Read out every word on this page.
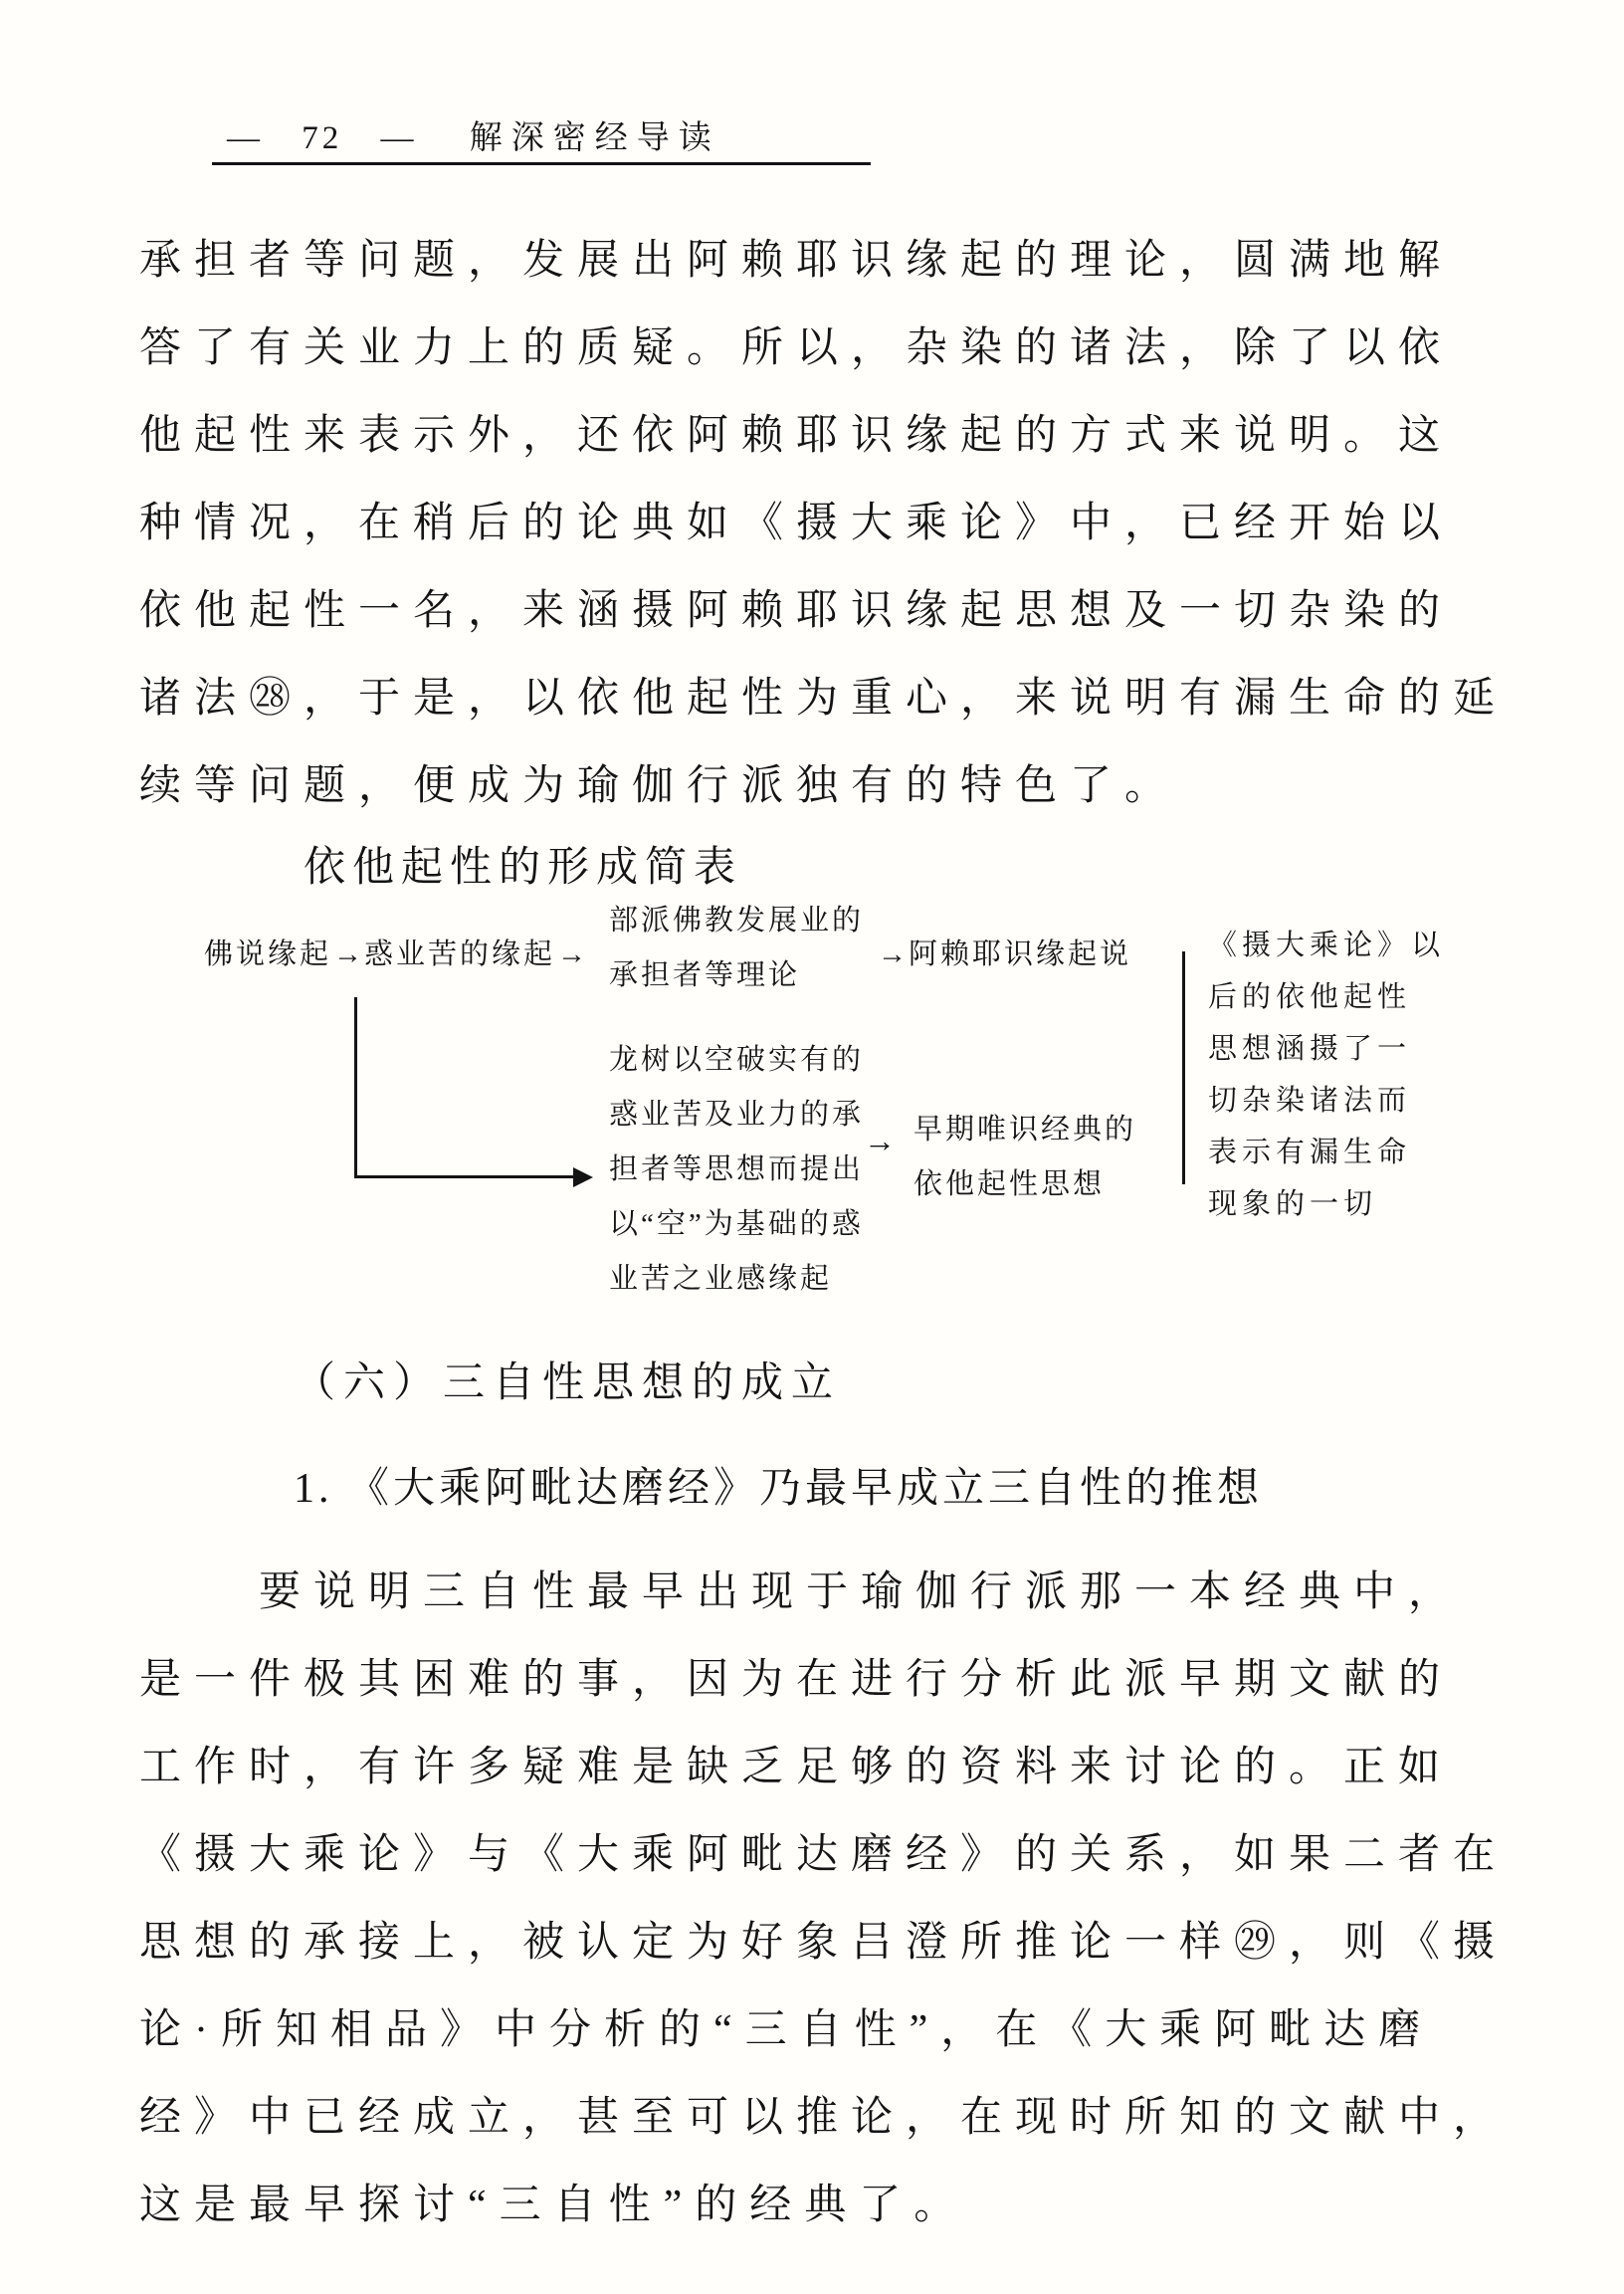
— 72 — 解深密经导读
承担者等问题，发展出阿赖耶识缘起的理论，圆满地解
答了有关业力上的质疑。所以，杂染的诸法，除了以依
他起性来表示外，还依阿赖耶识缘起的方式来说明。这
种情况，在稍后的论典如《摄大乘论》中，已经开始以
依他起性一名，来涵摄阿赖耶识缘起思想及一切杂染的
诸法㉘，于是，以依他起性为重心，来说明有漏生命的延
续等问题，便成为瑜伽行派独有的特色了。
依他起性的形成简表
佛说缘起→惑业苦的缘起→
部派佛教发展业的
承担者等理论
→阿赖耶识缘起说
龙树以空破实有的
惑业苦及业力的承
担者等思想而提出
以“空”为基础的惑
业苦之业感缘起
→ 早期唯识经典的
依他起性思想
《摄大乘论》以
后的依他起性
思想涵摄了一
切杂染诸法而
表示有漏生命
现象的一切
（六）三自性思想的成立
1. 《大乘阿毗达磨经》乃最早成立三自性的推想
要说明三自性最早出现于瑜伽行派那一本经典中，
是一件极其困难的事，因为在进行分析此派早期文献的
工作时，有许多疑难是缺乏足够的资料来讨论的。正如
《摄大乘论》与《大乘阿毗达磨经》的关系，如果二者在
思想的承接上，被认定为好象吕澄所推论一样㉙，则《摄
论·所知相品》中分析的“三自性”，在《大乘阿毗达磨
经》中已经成立，甚至可以推论，在现时所知的文献中，
这是最早探讨“三自性”的经典了。
